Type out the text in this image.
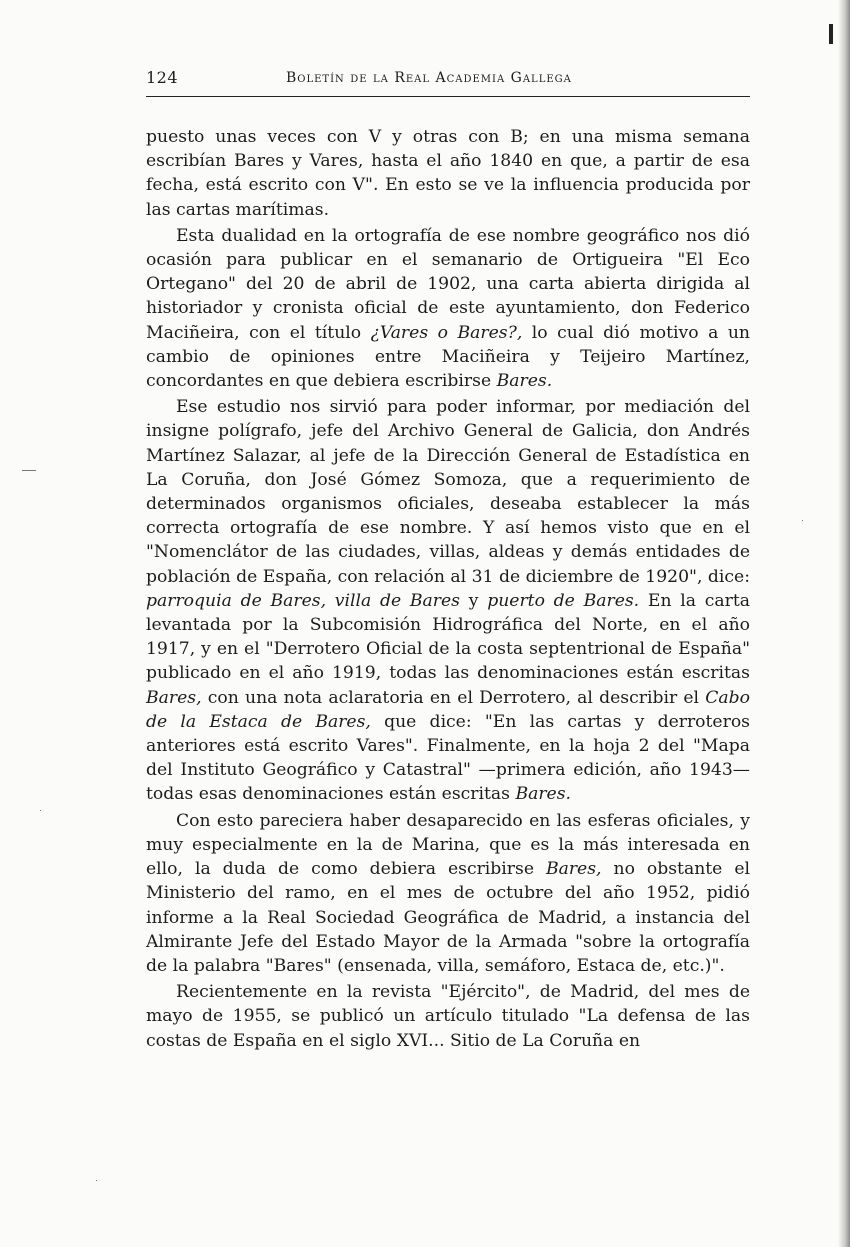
124	Boletín de la Real Academia Gallega

puesto unas veces con V y otras con B; en una misma semana escribían Bares y Vares, hasta el año 1840 en que, a partir de esa fecha, está escrito con V". En esto se ve la influencia producida por las cartas marítimas.

Esta dualidad en la ortografía de ese nombre geográfico nos dió ocasión para publicar en el semanario de Ortigueira "El Eco Ortegano" del 20 de abril de 1902, una carta abierta dirigida al historiador y cronista oficial de este ayuntamiento, don Federico Maciñeira, con el título ¿Vares o Bares?, lo cual dió motivo a un cambio de opiniones entre Maciñeira y Teijeiro Martínez, concordantes en que debiera escribirse Bares.

Ese estudio nos sirvió para poder informar, por mediación del insigne polígrafo, jefe del Archivo General de Galicia, don Andrés Martínez Salazar, al jefe de la Dirección General de Estadística en La Coruña, don José Gómez Somoza, que a requerimiento de determinados organismos oficiales, deseaba establecer la más correcta ortografía de ese nombre. Y así hemos visto que en el "Nomenclátor de las ciudades, villas, aldeas y demás entidades de población de España, con relación al 31 de diciembre de 1920", dice: parroquia de Bares, villa de Bares y puerto de Bares. En la carta levantada por la Subcomisión Hidrográfica del Norte, en el año 1917, y en el "Derrotero Oficial de la costa septentrional de España" publicado en el año 1919, todas las denominaciones están escritas Bares, con una nota aclaratoria en el Derrotero, al describir el Cabo de la Estaca de Bares, que dice: "En las cartas y derroteros anteriores está escrito Vares". Finalmente, en la hoja 2 del "Mapa del Instituto Geográfico y Catastral" —primera edición, año 1943— todas esas denominaciones están escritas Bares.

Con esto pareciera haber desaparecido en las esferas oficiales, y muy especialmente en la de Marina, que es la más interesada en ello, la duda de como debiera escribirse Bares, no obstante el Ministerio del ramo, en el mes de octubre del año 1952, pidió informe a la Real Sociedad Geográfica de Madrid, a instancia del Almirante Jefe del Estado Mayor de la Armada "sobre la ortografía de la palabra "Bares" (ensenada, villa, semáforo, Estaca de, etc.)".

Recientemente en la revista "Ejército", de Madrid, del mes de mayo de 1955, se publicó un artículo titulado "La defensa de las costas de España en el siglo XVI... Sitio de La Coruña en
